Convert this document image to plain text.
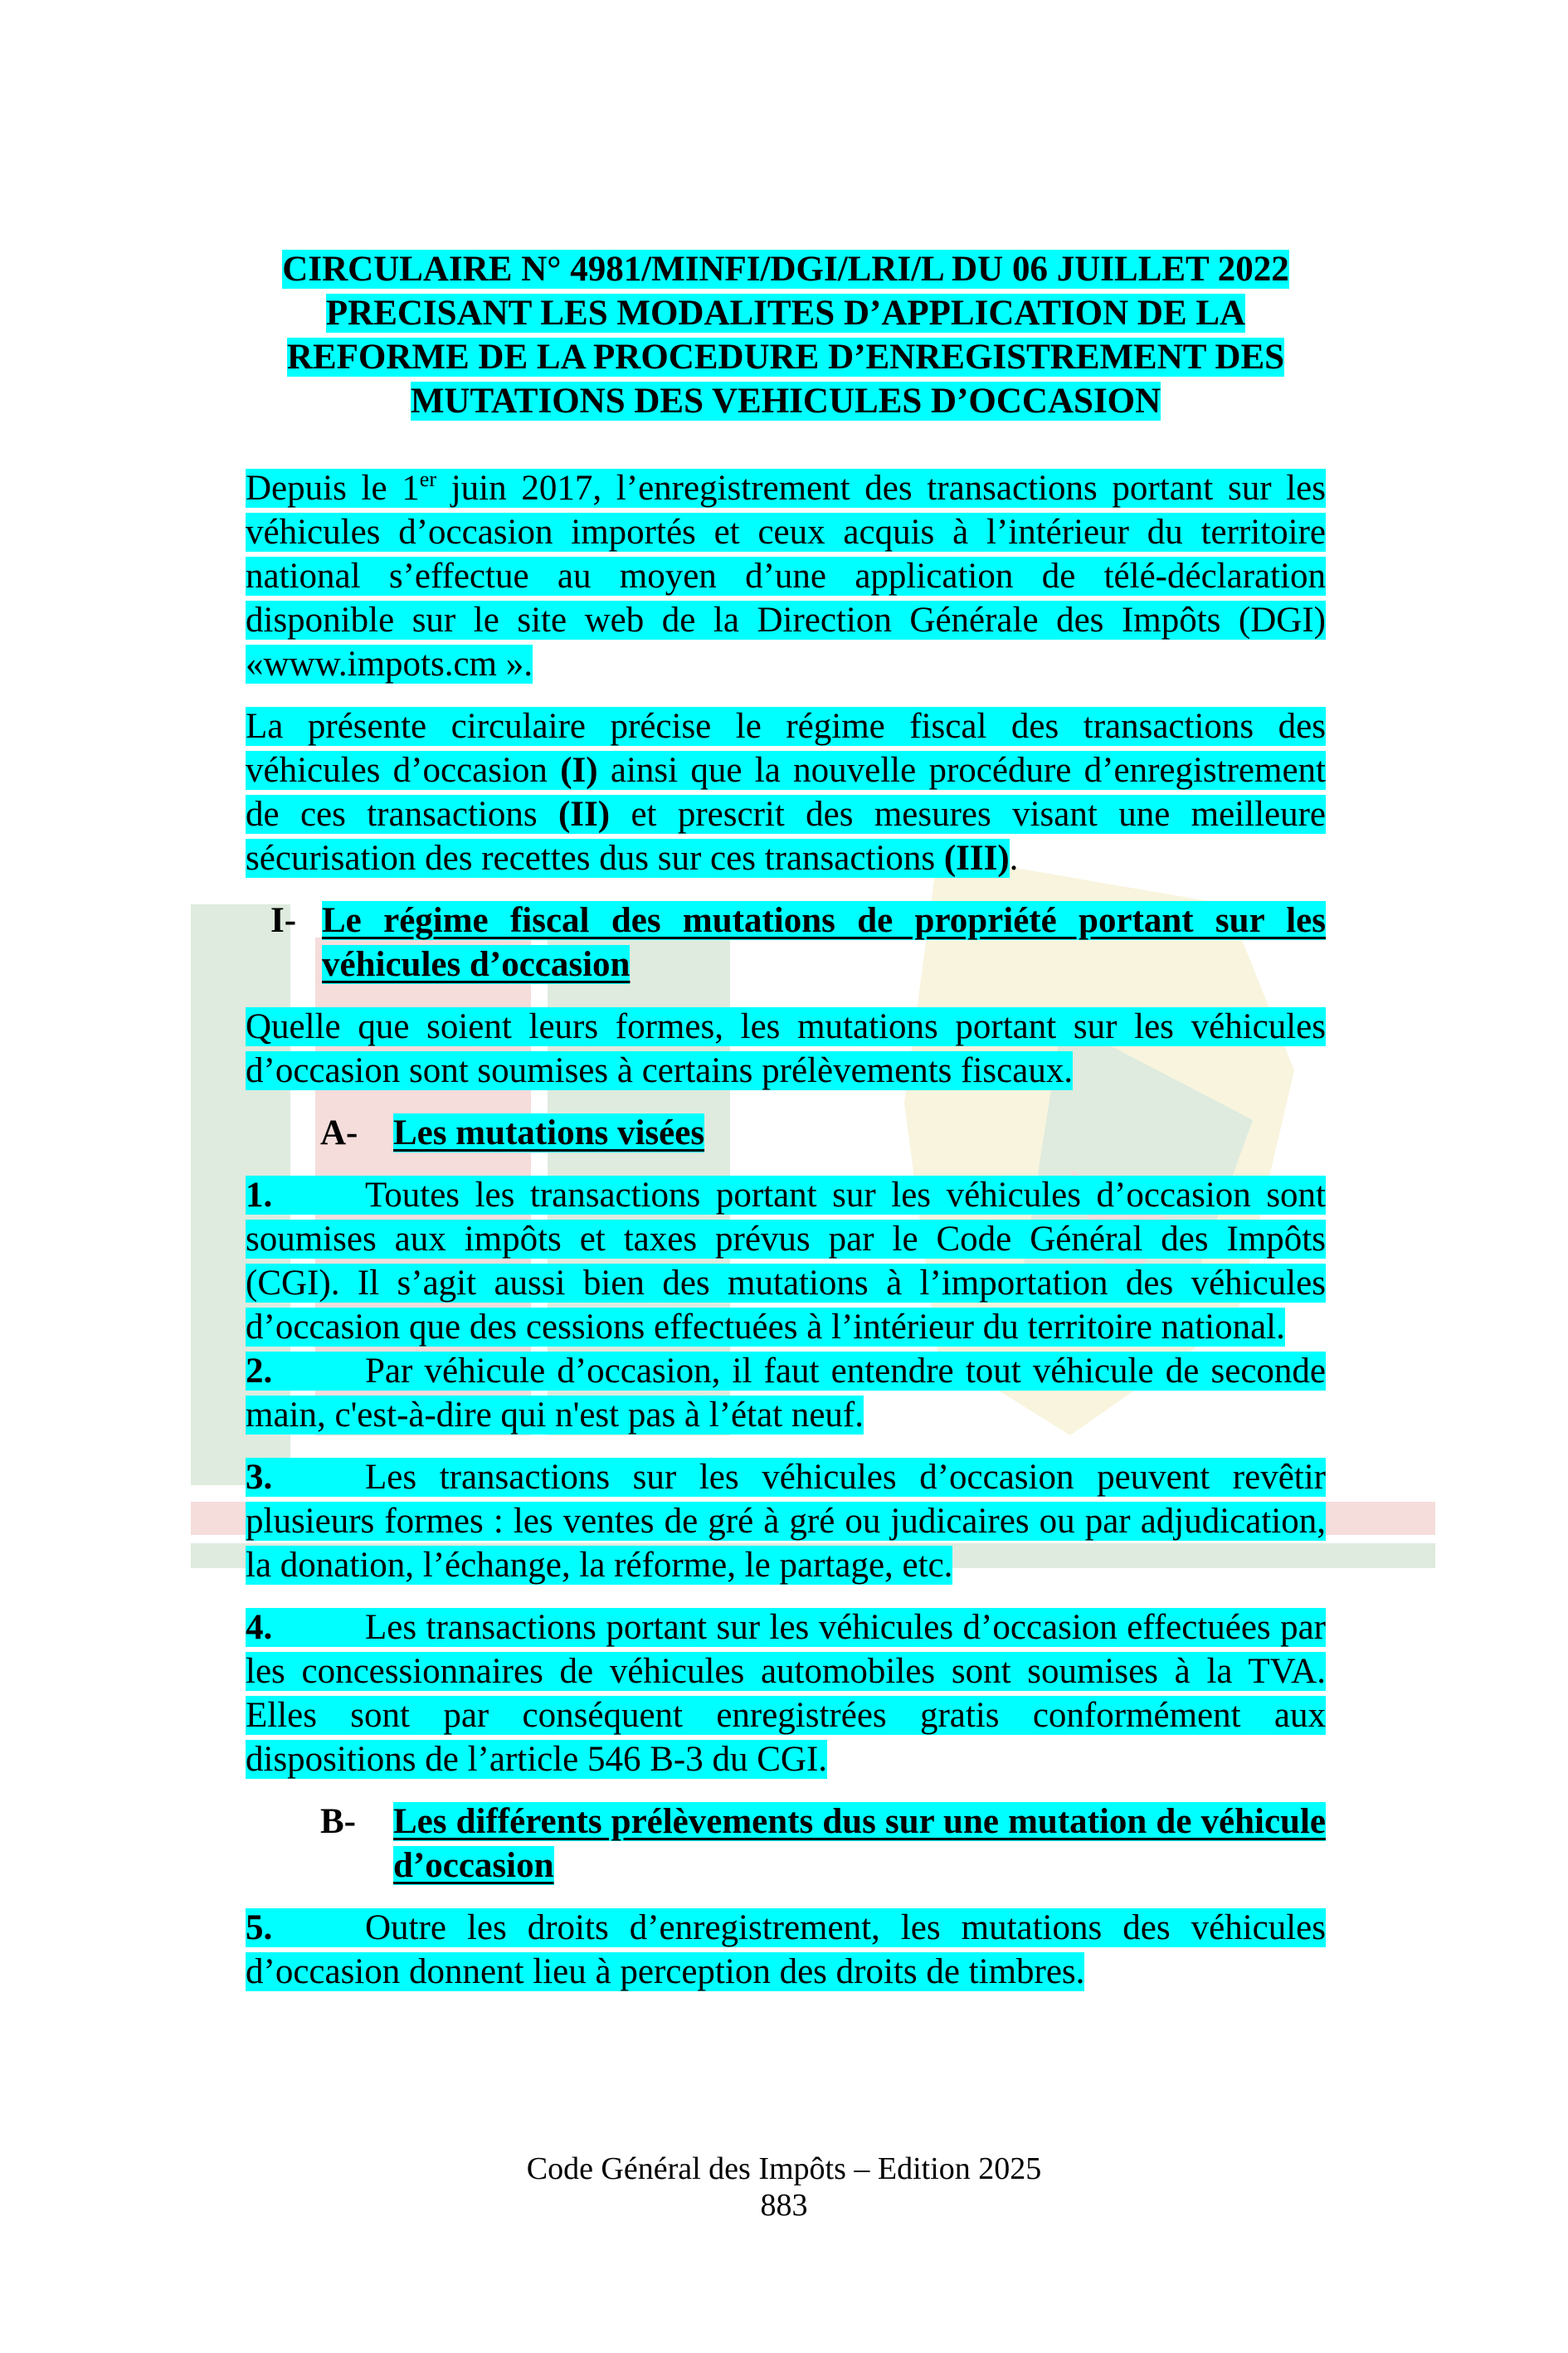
CIRCULAIRE N° 4981/MINFI/DGI/LRI/L DU 06 JUILLET 2022
PRECISANT LES MODALITES D’APPLICATION DE LA
REFORME DE LA PROCEDURE D’ENREGISTREMENT DES
MUTATIONS DES VEHICULES D’OCCASION

Depuis le 1er juin 2017, l’enregistrement des transactions portant sur les véhicules d’occasion importés et ceux acquis à l’intérieur du territoire national s’effectue au moyen d’une application de télé-déclaration disponible sur le site web de la Direction Générale des Impôts (DGI) «www.impots.cm ».

La présente circulaire précise le régime fiscal des transactions des véhicules d’occasion (I) ainsi que la nouvelle procédure d’enregistrement de ces transactions (II) et prescrit des mesures visant une meilleure sécurisation des recettes dus sur ces transactions (III).

I- Le régime fiscal des mutations de propriété portant sur les véhicules d’occasion

Quelle que soient leurs formes, les mutations portant sur les véhicules d’occasion sont soumises à certains prélèvements fiscaux.

A- Les mutations visées

1.	Toutes les transactions portant sur les véhicules d’occasion sont soumises aux impôts et taxes prévus par le Code Général des Impôts (CGI). Il s’agit aussi bien des mutations à l’importation des véhicules d’occasion que des cessions effectuées à l’intérieur du territoire national.

2.	Par véhicule d’occasion, il faut entendre tout véhicule de seconde main, c'est-à-dire qui n'est pas à l’état neuf.

3.	Les transactions sur les véhicules d’occasion peuvent revêtir plusieurs formes : les ventes de gré à gré ou judicaires ou par adjudication, la donation, l’échange, la réforme, le partage, etc.

4.	Les transactions portant sur les véhicules d’occasion effectuées par les concessionnaires de véhicules automobiles sont soumises à la TVA. Elles sont par conséquent enregistrées gratis conformément aux dispositions de l’article 546 B-3 du CGI.

B-	Les différents prélèvements dus sur une mutation de véhicule d’occasion

5.	Outre les droits d’enregistrement, les mutations des véhicules d’occasion donnent lieu à perception des droits de timbres.

Code Général des Impôts – Edition 2025
883
